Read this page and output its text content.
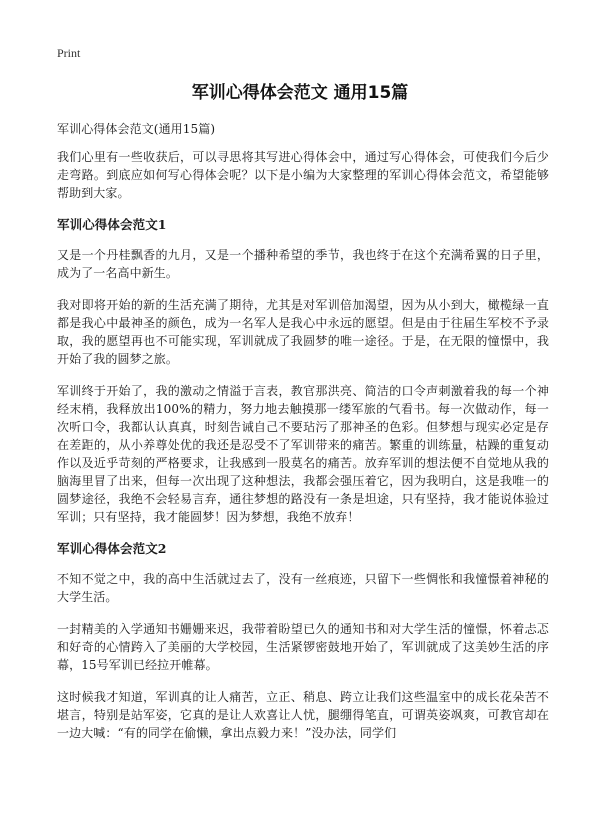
Print
军训心得体会范文 通用15篇
军训心得体会范文(通用15篇)

我们心里有一些收获后，可以寻思将其写进心得体会中，通过写心得体会，可使我们今后少走弯路。到底应如何写心得体会呢？以下是小编为大家整理的军训心得体会范文，希望能够帮助到大家。

军训心得体会范文1

又是一个丹桂飘香的九月，又是一个播种希望的季节，我也终于在这个充满希翼的日子里，成为了一名高中新生。

我对即将开始的新的生活充满了期待，尤其是对军训倍加渴望，因为从小到大，橄榄绿一直都是我心中最神圣的颜色，成为一名军人是我心中永远的愿望。但是由于往届生军校不予录取，我的愿望再也不可能实现，军训就成了我圆梦的唯一途径。于是，在无限的憧憬中，我开始了我的圆梦之旅。

军训终于开始了，我的激动之情溢于言表，教官那洪亮、简洁的口令声刺激着我的每一个神经末梢，我释放出100%的精力，努力地去触摸那一缕军旅的气看书。每一次做动作，每一次听口令，我都认认真真，时刻告诫自己不要玷污了那神圣的色彩。但梦想与现实必定是存在差距的，从小养尊处优的我还是忍受不了军训带来的痛苦。繁重的训练量，枯躁的重复动作以及近乎苛刻的严格要求，让我感到一股莫名的痛苦。放弃军训的想法便不自觉地从我的脑海里冒了出来，但每一次出现了这种想法，我都会强压着它，因为我明白，这是我唯一的圆梦途径，我绝不会轻易言弃，通往梦想的路没有一条是坦途，只有坚持，我才能说体验过军训；只有坚持，我才能圆梦！因为梦想，我绝不放弃！

军训心得体会范文2

不知不觉之中，我的高中生活就过去了，没有一丝痕迹，只留下一些惆怅和我憧憬着神秘的大学生活。

一封精美的入学通知书姗姗来迟，我带着盼望已久的通知书和对大学生活的憧憬，怀着忐忑和好奇的心情跨入了美丽的大学校园，生活紧锣密鼓地开始了，军训就成了这美妙生活的序幕，15号军训已经拉开帷幕。

这时候我才知道，军训真的让人痛苦，立正、稍息、跨立让我们这些温室中的成长花朵苦不堪言，特别是站军姿，它真的是让人欢喜让人忧，腿绷得笔直，可谓英姿飒爽，可教官却在一边大喊：“有的同学在偷懒，拿出点毅力来！”没办法，同学们
